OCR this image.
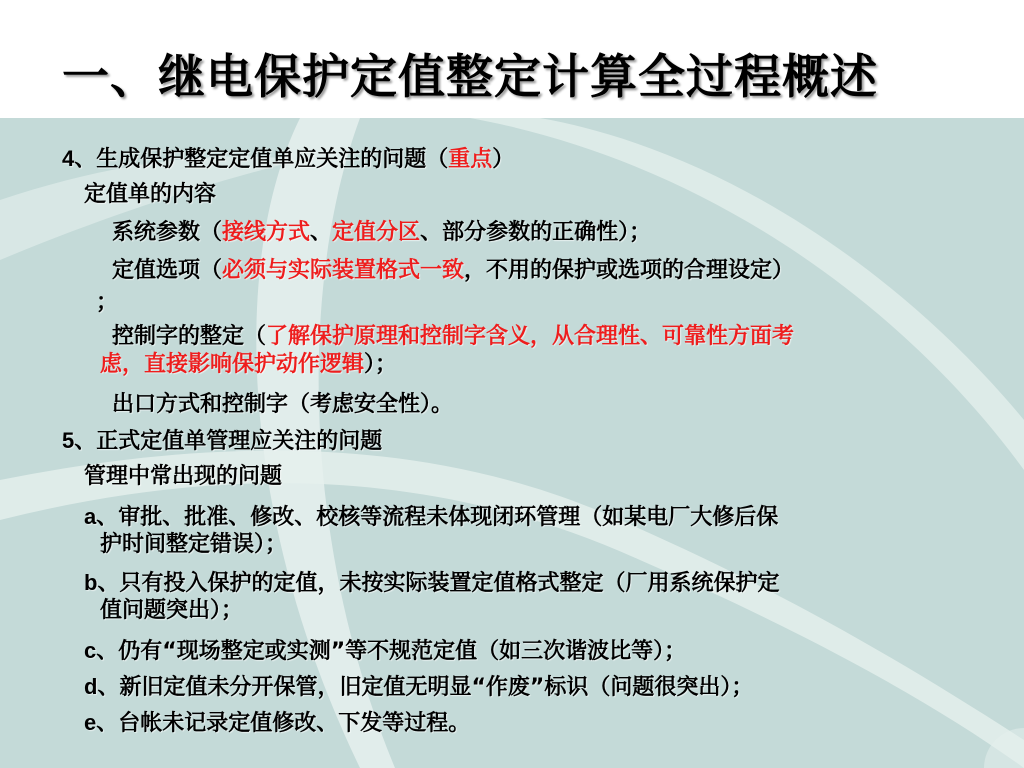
一、继电保护定值整定计算全过程概述
4、生成保护整定定值单应关注的问题（重点）
定值单的内容
系统参数（接线方式、定值分区、部分参数的正确性）；
定值选项（必须与实际装置格式一致，不用的保护或选项的合理设定）
；
控制字的整定（了解保护原理和控制字含义，从合理性、可靠性方面考
虑，直接影响保护动作逻辑）；
出口方式和控制字（考虑安全性）。
5、正式定值单管理应关注的问题
管理中常出现的问题
a、审批、批准、修改、校核等流程未体现闭环管理（如某电厂大修后保
护时间整定错误）；
b、只有投入保护的定值，未按实际装置定值格式整定（厂用系统保护定
值问题突出）；
c、仍有“现场整定或实测”等不规范定值（如三次谐波比等）；
d、新旧定值未分开保管，旧定值无明显“作废”标识（问题很突出）；
e、台帐未记录定值修改、下发等过程。
